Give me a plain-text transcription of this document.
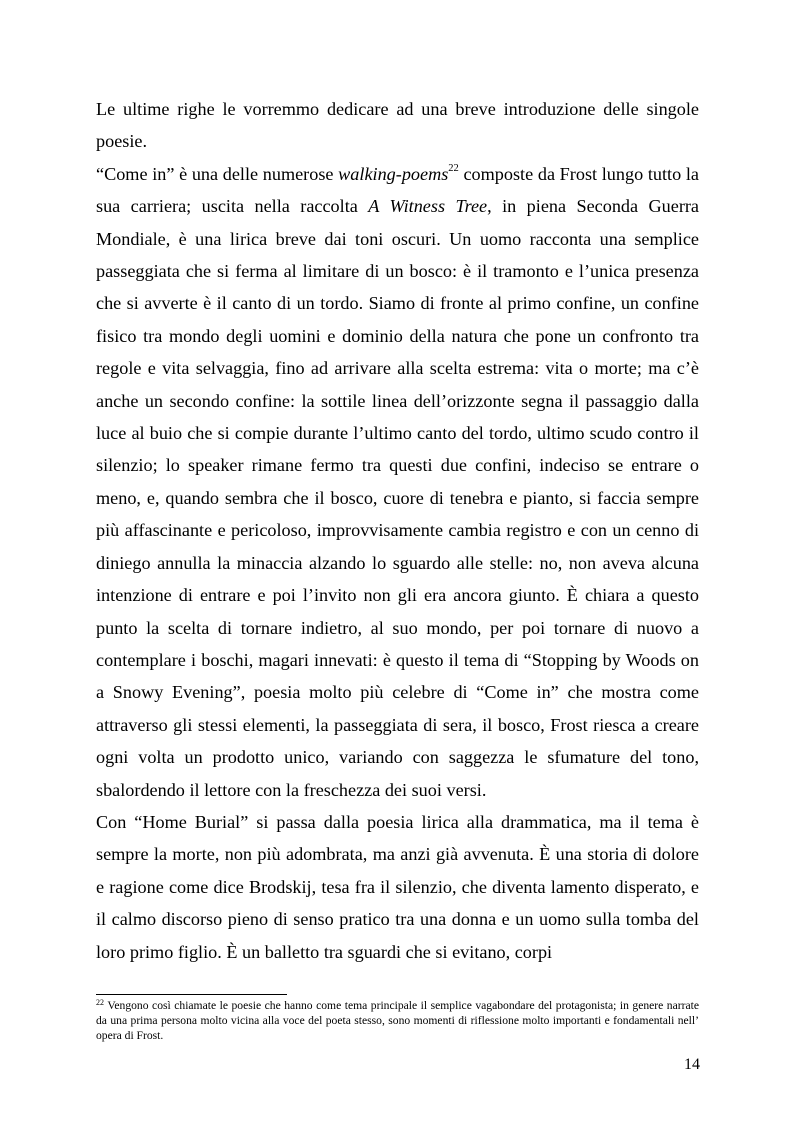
Le ultime righe le vorremmo dedicare ad una breve introduzione delle singole poesie.

“Come in” è una delle numerose walking-poems$^{22}$ composte da Frost lungo tutto la sua carriera; uscita nella raccolta A Witness Tree, in piena Seconda Guerra Mondiale, è una lirica breve dai toni oscuri. Un uomo racconta una semplice passeggiata che si ferma al limitare di un bosco: è il tramonto e l’unica presenza che si avverte è il canto di un tordo. Siamo di fronte al primo confine, un confine fisico tra mondo degli uomini e dominio della natura che pone un confronto tra regole e vita selvaggia, fino ad arrivare alla scelta estrema: vita o morte; ma c’è anche un secondo confine: la sottile linea dell’orizzonte segna il passaggio dalla luce al buio che si compie durante l’ultimo canto del tordo, ultimo scudo contro il silenzio; lo speaker rimane fermo tra questi due confini, indeciso se entrare o meno, e, quando sembra che il bosco, cuore di tenebra e pianto, si faccia sempre più affascinante e pericoloso, improvvisamente cambia registro e con un cenno di diniego annulla la minaccia alzando lo sguardo alle stelle: no, non aveva alcuna intenzione di entrare e poi l’invito non gli era ancora giunto. È chiara a questo punto la scelta di tornare indietro, al suo mondo, per poi tornare di nuovo a contemplare i boschi, magari innevati: è questo il tema di “Stopping by Woods on a Snowy Evening”, poesia molto più celebre di “Come in” che mostra come attraverso gli stessi elementi, la passeggiata di sera, il bosco, Frost riesca a creare ogni volta un prodotto unico, variando con saggezza le sfumature del tono, sbalordendo il lettore con la freschezza dei suoi versi.

Con “Home Burial” si passa dalla poesia lirica alla drammatica, ma il tema è sempre la morte, non più adombrata, ma anzi già avvenuta. È una storia di dolore e ragione come dice Brodskij, tesa fra il silenzio, che diventa lamento disperato, e il calmo discorso pieno di senso pratico tra una donna e un uomo sulla tomba del loro primo figlio. È un balletto tra sguardi che si evitano, corpi

$^{22}$ Vengono così chiamate le poesie che hanno come tema principale il semplice vagabondare del protagonista; in genere narrate da una prima persona molto vicina alla voce del poeta stesso, sono momenti di riflessione molto importanti e fondamentali nell’ opera di Frost.
14
